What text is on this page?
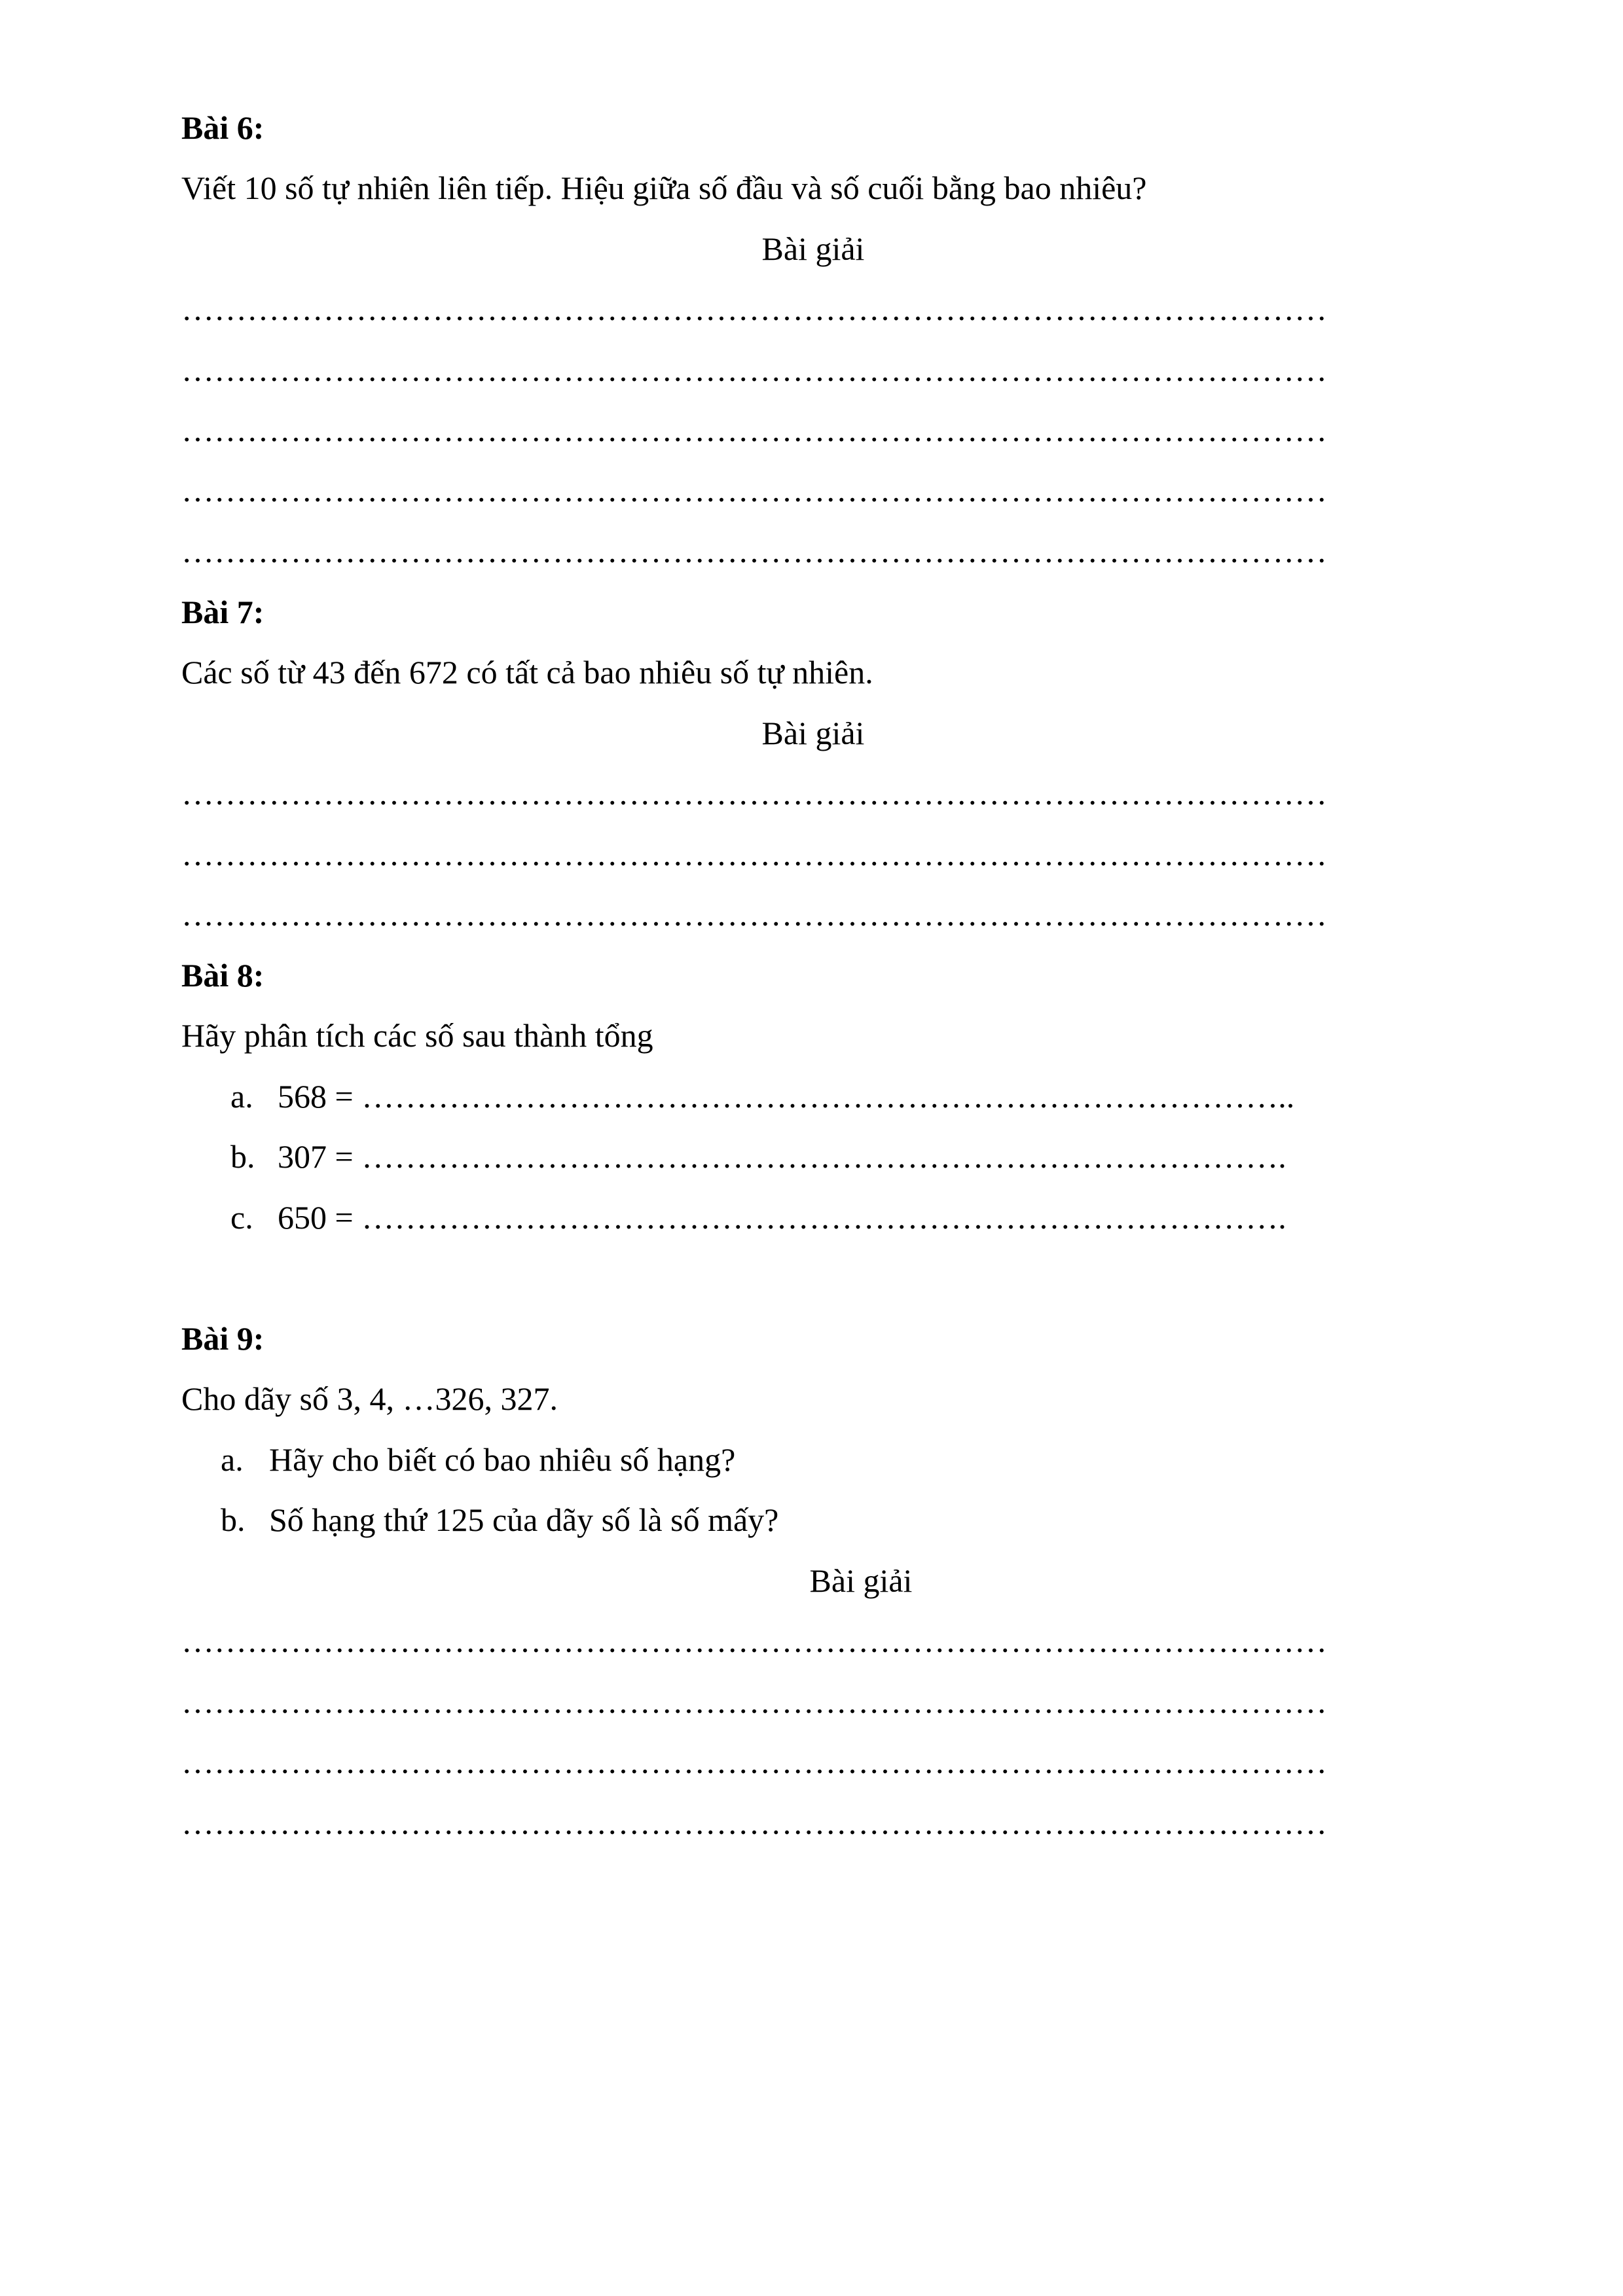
Bài 6:
Viết 10 số tự nhiên liên tiếp. Hiệu giữa số đầu và số cuối bằng bao nhiêu?
Bài giải
……………………………………………………………………………………………
……………………………………………………………………………………………
……………………………………………………………………………………………
……………………………………………………………………………………………
……………………………………………………………………………………………
Bài 7:
Các số từ 43 đến 672 có tất cả bao nhiêu số tự nhiên.
Bài giải
……………………………………………………………………………………………
……………………………………………………………………………………………
……………………………………………………………………………………………
Bài 8:
Hãy phân tích các số sau thành tổng
a. 568 = …………………………………………………………………………..
b. 307 = ………………………………………………………………………….
c. 650 = ………………………………………………………………………….
Bài 9:
Cho dãy số 3, 4, …326, 327.
a. Hãy cho biết có bao nhiêu số hạng?
b. Số hạng thứ 125 của dãy số là số mấy?
Bài giải
……………………………………………………………………………………………
……………………………………………………………………………………………
……………………………………………………………………………………………
……………………………………………………………………………………………
